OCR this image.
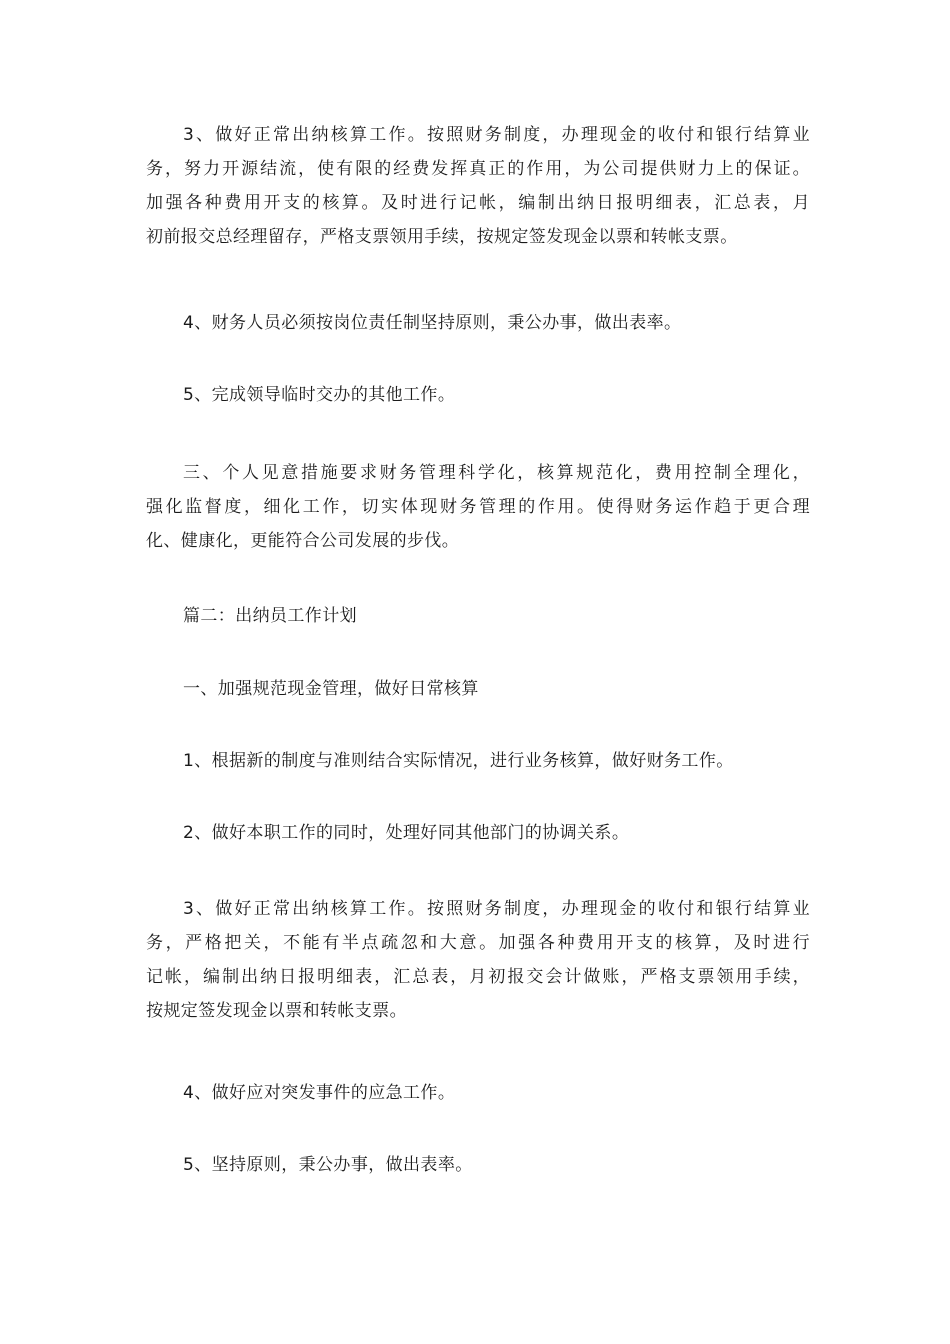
3、做好正常出纳核算工作。按照财务制度，办理现金的收付和银行结算业
务，努力开源结流，使有限的经费发挥真正的作用，为公司提供财力上的保证。
加强各种费用开支的核算。及时进行记帐，编制出纳日报明细表，汇总表，月
初前报交总经理留存，严格支票领用手续，按规定签发现金以票和转帐支票。

4、财务人员必须按岗位责任制坚持原则，秉公办事，做出表率。

5、完成领导临时交办的其他工作。

三、个人见意措施要求财务管理科学化，核算规范化，费用控制全理化，
强化监督度，细化工作，切实体现财务管理的作用。使得财务运作趋于更合理
化、健康化，更能符合公司发展的步伐。

篇二：出纳员工作计划

一、加强规范现金管理，做好日常核算

1、根据新的制度与准则结合实际情况，进行业务核算，做好财务工作。

2、做好本职工作的同时，处理好同其他部门的协调关系。

3、做好正常出纳核算工作。按照财务制度，办理现金的收付和银行结算业
务，严格把关，不能有半点疏忽和大意。加强各种费用开支的核算，及时进行
记帐，编制出纳日报明细表，汇总表，月初报交会计做账，严格支票领用手续，
按规定签发现金以票和转帐支票。

4、做好应对突发事件的应急工作。

5、坚持原则，秉公办事，做出表率。
